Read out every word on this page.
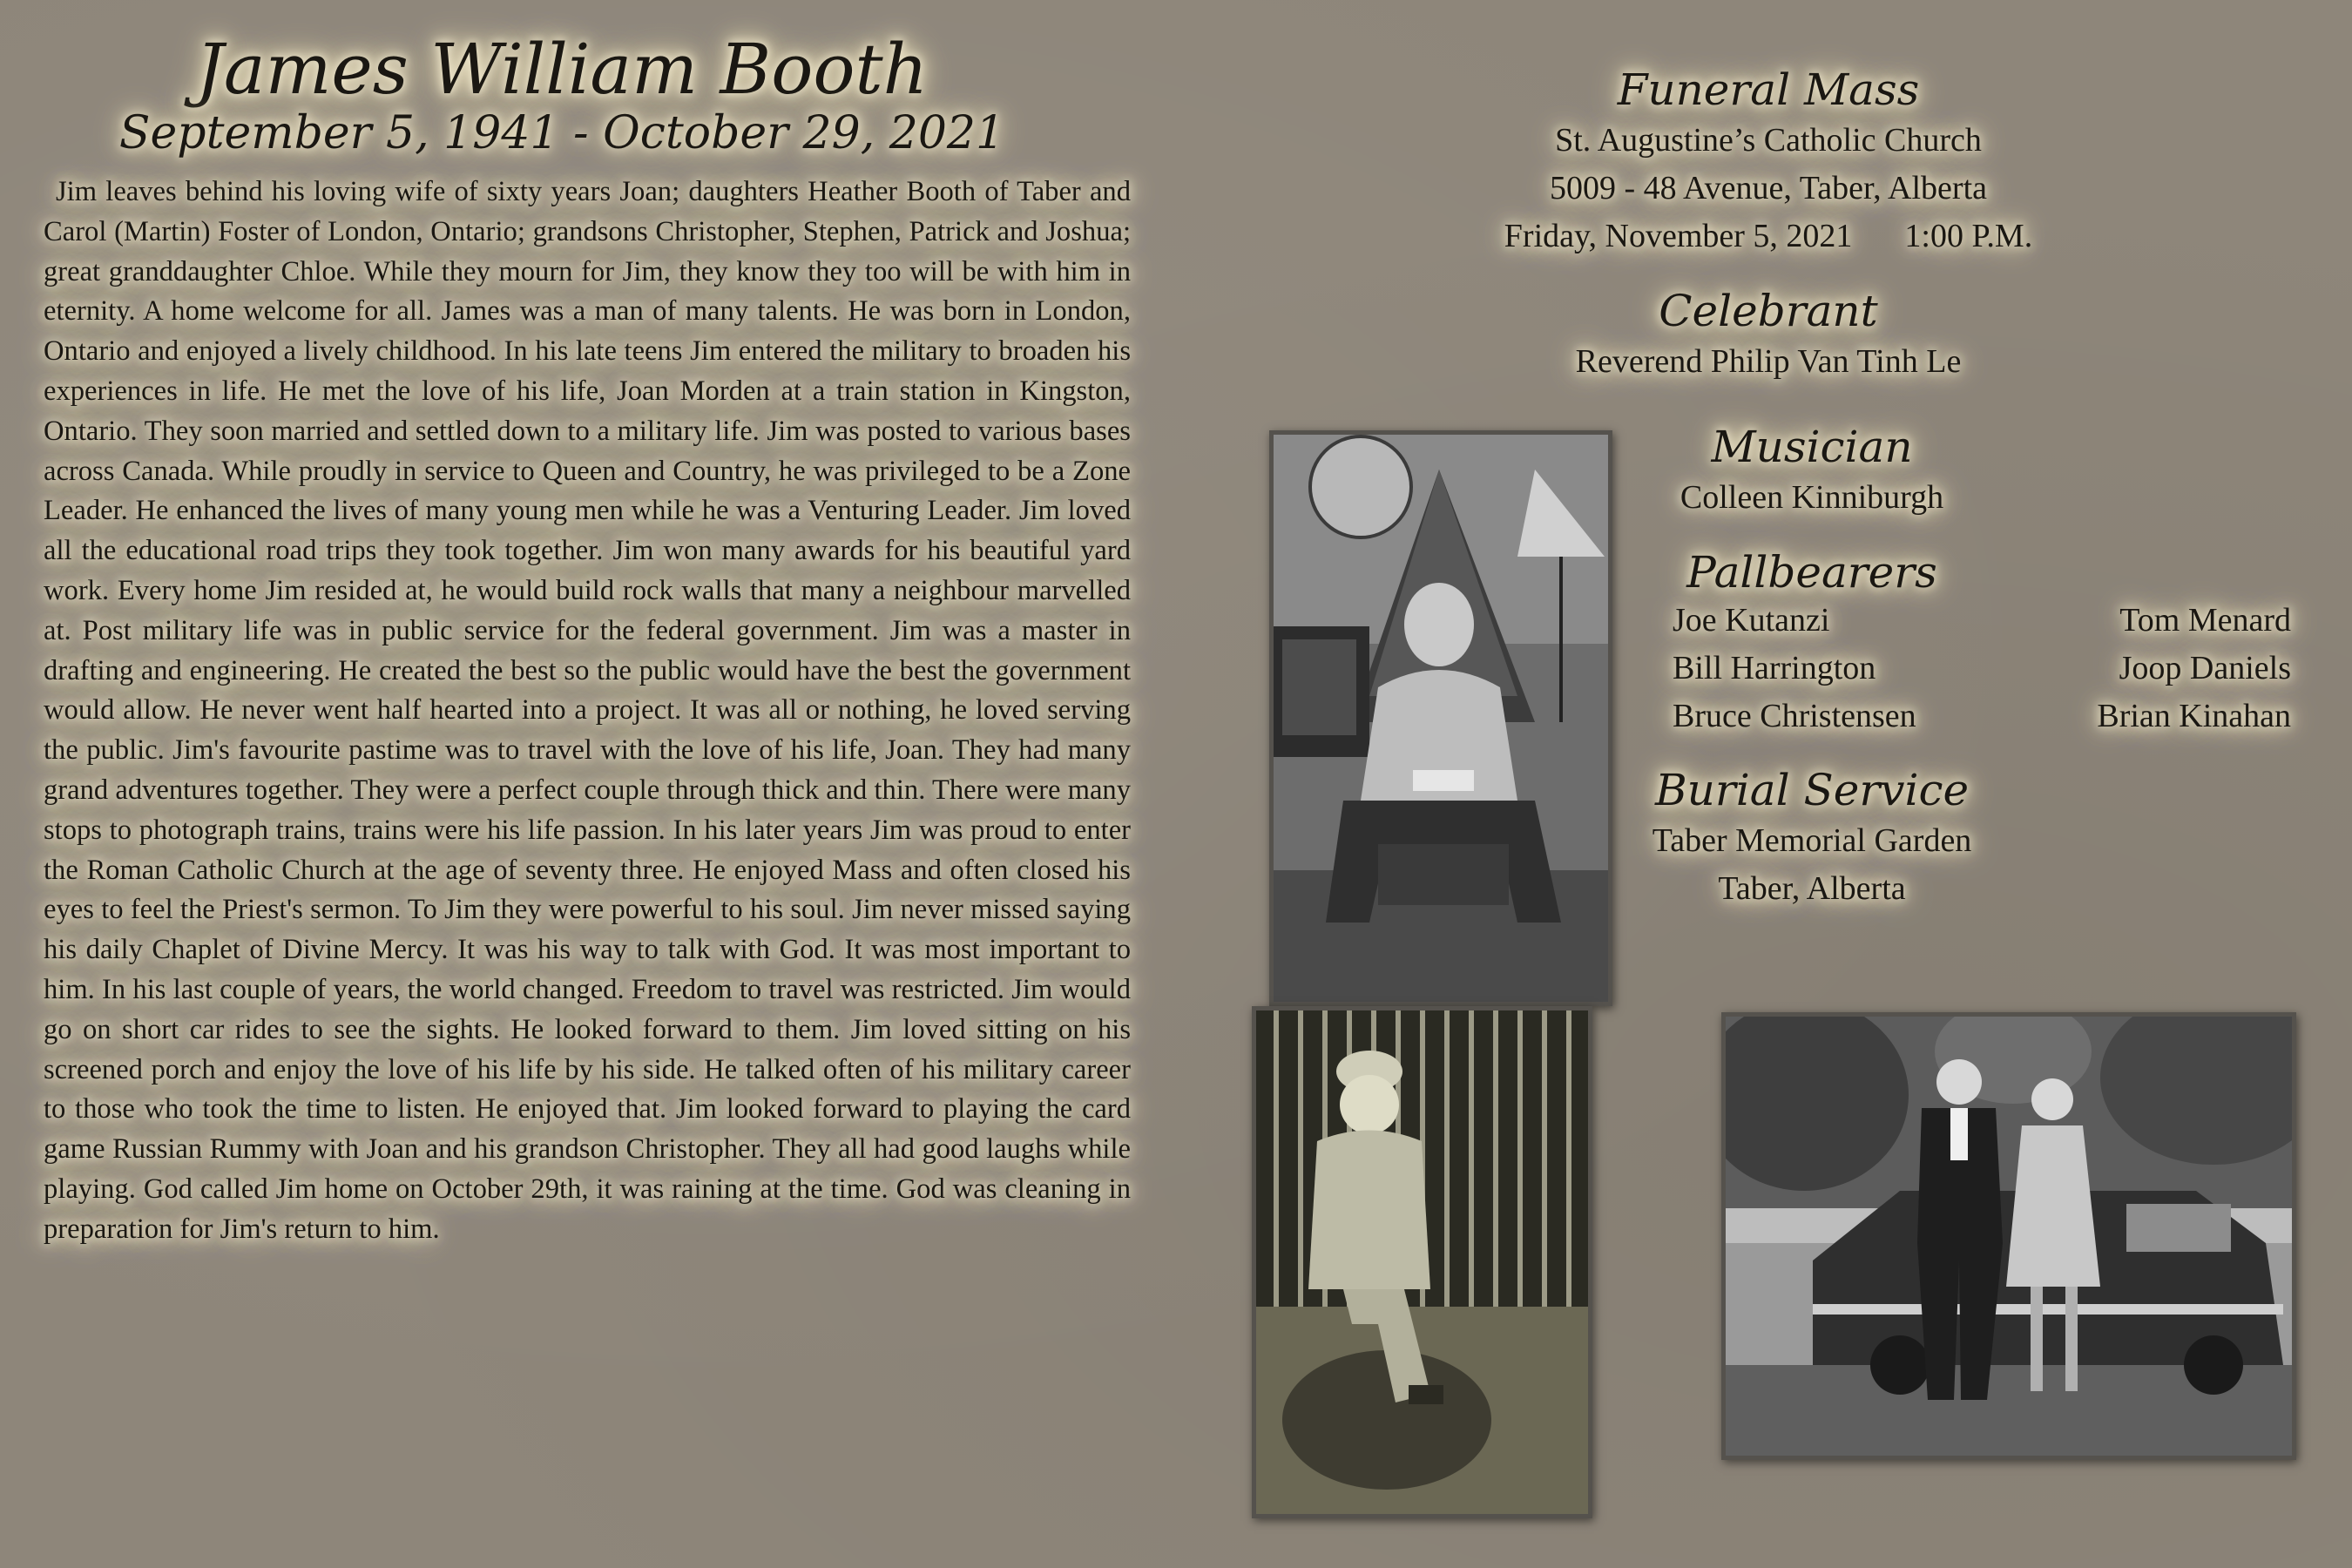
James William Booth
September 5, 1941 - October 29, 2021

Jim leaves behind his loving wife of sixty years Joan; daughters Heather Booth of Taber and Carol (Martin) Foster of London, Ontario; grandsons Christopher, Stephen, Patrick and Joshua; great granddaughter Chloe. While they mourn for Jim, they know they too will be with him in eternity. A home welcome for all. James was a man of many talents. He was born in London, Ontario and enjoyed a lively childhood. In his late teens Jim entered the military to broaden his experiences in life. He met the love of his life, Joan Morden at a train station in Kingston, Ontario. They soon married and settled down to a military life. Jim was posted to various bases across Canada. While proudly in service to Queen and Country, he was privileged to be a Zone Leader. He enhanced the lives of many young men while he was a Venturing Leader. Jim loved all the educational road trips they took together. Jim won many awards for his beautiful yard work. Every home Jim resided at, he would build rock walls that many a neighbour marvelled at. Post military life was in public service for the federal government. Jim was a master in drafting and engineering. He created the best so the public would have the best the government would allow. He never went half hearted into a project. It was all or nothing, he loved serving the public. Jim's favourite pastime was to travel with the love of his life, Joan. They had many grand adventures together. They were a perfect couple through thick and thin. There were many stops to photograph trains, trains were his life passion. In his later years Jim was proud to enter the Roman Catholic Church at the age of seventy three. He enjoyed Mass and often closed his eyes to feel the Priest's sermon. To Jim they were powerful to his soul. Jim never missed saying his daily Chaplet of Divine Mercy. It was his way to talk with God. It was most important to him. In his last couple of years, the world changed. Freedom to travel was restricted. Jim would go on short car rides to see the sights. He looked forward to them. Jim loved sitting on his screened porch and enjoy the love of his life by his side. He talked often of his military career to those who took the time to listen. He enjoyed that. Jim looked forward to playing the card game Russian Rummy with Joan and his grandson Christopher. They all had good laughs while playing. God called Jim home on October 29th, it was raining at the time. God was cleaning in preparation for Jim's return to him.

Funeral Mass
St. Augustine’s Catholic Church
5009 - 48 Avenue, Taber, Alberta
Friday, November 5, 2021 1:00 P.M.
Celebrant
Reverend Philip Van Tinh Le
Musician
Colleen Kinniburgh
Pallbearers
Joe Kutanzi	Tom Menard
Bill Harrington	Joop Daniels
Bruce Christensen	Brian Kinahan
Burial Service
Taber Memorial Garden
Taber, Alberta
